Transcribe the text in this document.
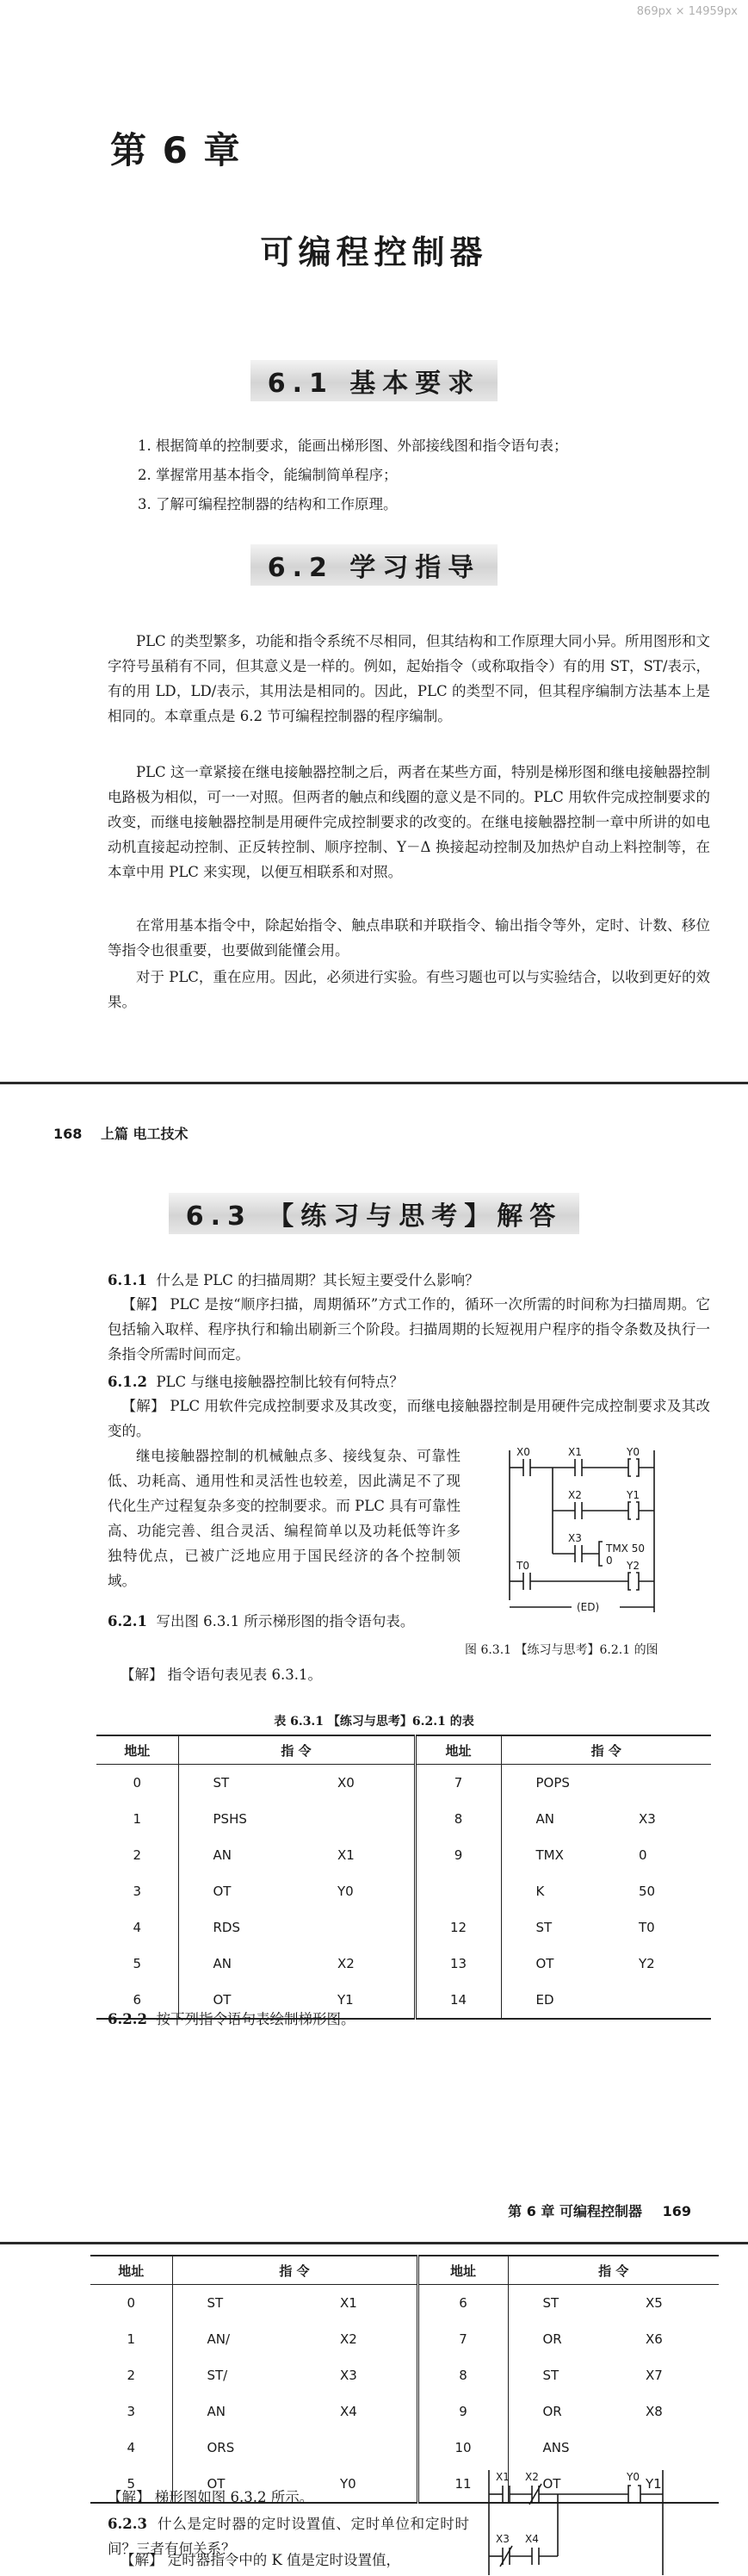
869px × 14959px
第 6 章
可编程控制器
6.1 基本要求
1. 根据简单的控制要求，能画出梯形图、外部接线图和指令语句表；
2. 掌握常用基本指令，能编制简单程序；
3. 了解可编程控制器的结构和工作原理。
6.2 学习指导
PLC 的类型繁多，功能和指令系统不尽相同，但其结构和工作原理大同小异。所用图形和文字符号虽稍有不同，但其意义是一样的。例如，起始指令（或称取指令）有的用 ST，ST/表示，有的用 LD，LD/表示，其用法是相同的。因此，PLC 的类型不同，但其程序编制方法基本上是相同的。本章重点是 6.2 节可编程控制器的程序编制。
PLC 这一章紧接在继电接触器控制之后，两者在某些方面，特别是梯形图和继电接触器控制电路极为相似，可一一对照。但两者的触点和线圈的意义是不同的。PLC 用软件完成控制要求的改变，而继电接触器控制是用硬件完成控制要求的改变的。在继电接触器控制一章中所讲的如电动机直接起动控制、正反转控制、顺序控制、Y－Δ 换接起动控制及加热炉自动上料控制等，在本章中用 PLC 来实现，以便互相联系和对照。
在常用基本指令中，除起始指令、触点串联和并联指令、输出指令等外，定时、计数、移位等指令也很重要，也要做到能懂会用。
对于 PLC，重在应用。因此，必须进行实验。有些习题也可以与实验结合，以收到更好的效果。
168 上篇 电工技术
6.3 【练习与思考】解答
6.1.1 什么是 PLC 的扫描周期？其长短主要受什么影响？
【解】 PLC 是按“顺序扫描，周期循环”方式工作的，循环一次所需的时间称为扫描周期。它包括输入取样、程序执行和输出刷新三个阶段。扫描周期的长短视用户程序的指令条数及执行一条指令所需时间而定。
6.1.2 PLC 与继电接触器控制比较有何特点？
【解】 PLC 用软件完成控制要求及其改变，而继电接触器控制是用硬件完成控制要求及其改变的。
继电接触器控制的机械触点多、接线复杂、可靠性低、功耗高、通用性和灵活性也较差，因此满足不了现代化生产过程复杂多变的控制要求。而 PLC 具有可靠性高、功能完善、组合灵活、编程简单以及功耗低等许多独特优点，已被广泛地应用于国民经济的各个控制领域。
6.2.1 写出图 6.3.1 所示梯形图的指令语句表。
【解】 指令语句表见表 6.3.1。
X0	X1	Y0
X2	Y1
X3
TMX 50
0
T0	Y2
(ED)
图 6.3.1 【练习与思考】6.2.1 的图
表 6.3.1 【练习与思考】6.2.1 的表
地址	指 令		地址	指 令	
0	ST	X0	7	POPS	
1	PSHS		8	AN	X3
2	AN	X1	9	TMX	0
3	OT	Y0		K	50
4	RDS		12	ST	T0
5	AN	X2	13	OT	Y2
6	OT	Y1	14	ED	
6.2.2 按下列指令语句表绘制梯形图。
第 6 章 可编程控制器 169
地址	指 令		地址	指 令	
0	ST	X1	6	ST	X5
1	AN/	X2	7	OR	X6
2	ST/	X3	8	ST	X7
3	AN	X4	9	OR	X8
4	ORS		10	ANS	
5	OT	Y0	11	OT	Y1
【解】 梯形图如图 6.3.2 所示。
6.2.3 什么是定时器的定时设置值、定时单位和定时时间？三者有何关系？
【解】 定时器指令中的 K 值是定时设置值，
X1 X2	Y0
X3 X4
